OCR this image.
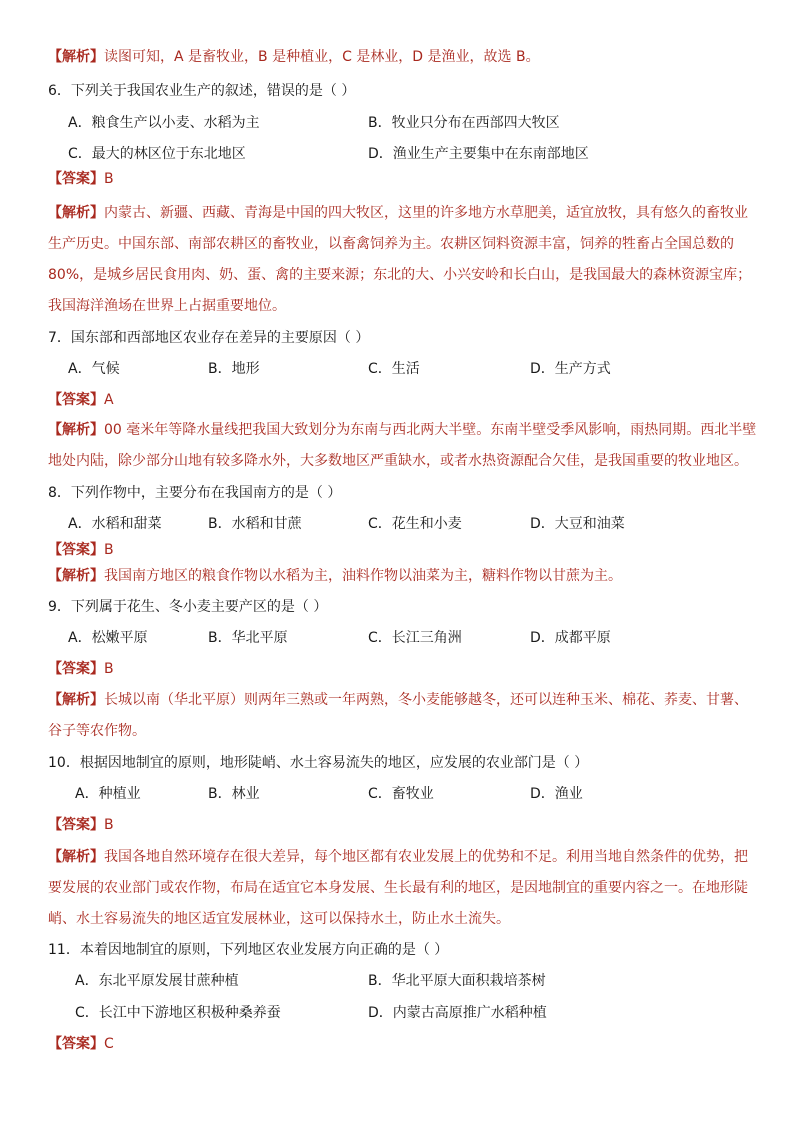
【解析】读图可知，A 是畜牧业，B 是种植业，C 是林业，D 是渔业，故选 B。
6．下列关于我国农业生产的叙述，错误的是（ ）
A．粮食生产以小麦、水稻为主	B．牧业只分布在西部四大牧区
C．最大的林区位于东北地区	D．渔业生产主要集中在东南部地区
【答案】B
【解析】内蒙古、新疆、西藏、青海是中国的四大牧区，这里的许多地方水草肥美，适宜放牧，具有悠久的畜牧业
生产历史。中国东部、南部农耕区的畜牧业，以畜禽饲养为主。农耕区饲料资源丰富，饲养的牲畜占全国总数的
80%，是城乡居民食用肉、奶、蛋、禽的主要来源；东北的大、小兴安岭和长白山，是我国最大的森林资源宝库；
我国海洋渔场在世界上占据重要地位。
7．国东部和西部地区农业存在差异的主要原因（ ）
A．气候	B．地形	C．生活	D．生产方式
【答案】A
【解析】00 毫米年等降水量线把我国大致划分为东南与西北两大半壁。东南半壁受季风影响，雨热同期。西北半壁
地处内陆，除少部分山地有较多降水外，大多数地区严重缺水，或者水热资源配合欠佳，是我国重要的牧业地区。
8．下列作物中，主要分布在我国南方的是（ ）
A．水稻和甜菜	B．水稻和甘蔗	C．花生和小麦	D．大豆和油菜
【答案】B
【解析】我国南方地区的粮食作物以水稻为主，油料作物以油菜为主，糖料作物以甘蔗为主。
9．下列属于花生、冬小麦主要产区的是（ ）
A．松嫩平原	B．华北平原	C．长江三角洲	D．成都平原
【答案】B
【解析】长城以南（华北平原）则两年三熟或一年两熟，冬小麦能够越冬，还可以连种玉米、棉花、荞麦、甘薯、
谷子等农作物。
10．根据因地制宜的原则，地形陡峭、水土容易流失的地区，应发展的农业部门是（ ）
A．种植业	B．林业	C．畜牧业	D．渔业
【答案】B
【解析】我国各地自然环境存在很大差异，每个地区都有农业发展上的优势和不足。利用当地自然条件的优势，把
要发展的农业部门或农作物，布局在适宜它本身发展、生长最有利的地区，是因地制宜的重要内容之一。在地形陡
峭、水土容易流失的地区适宜发展林业，这可以保持水土，防止水土流失。
11．本着因地制宜的原则，下列地区农业发展方向正确的是（ ）
A．东北平原发展甘蔗种植	B．华北平原大面积栽培茶树
C．长江中下游地区积极种桑养蚕	D．内蒙古高原推广水稻种植
【答案】C
